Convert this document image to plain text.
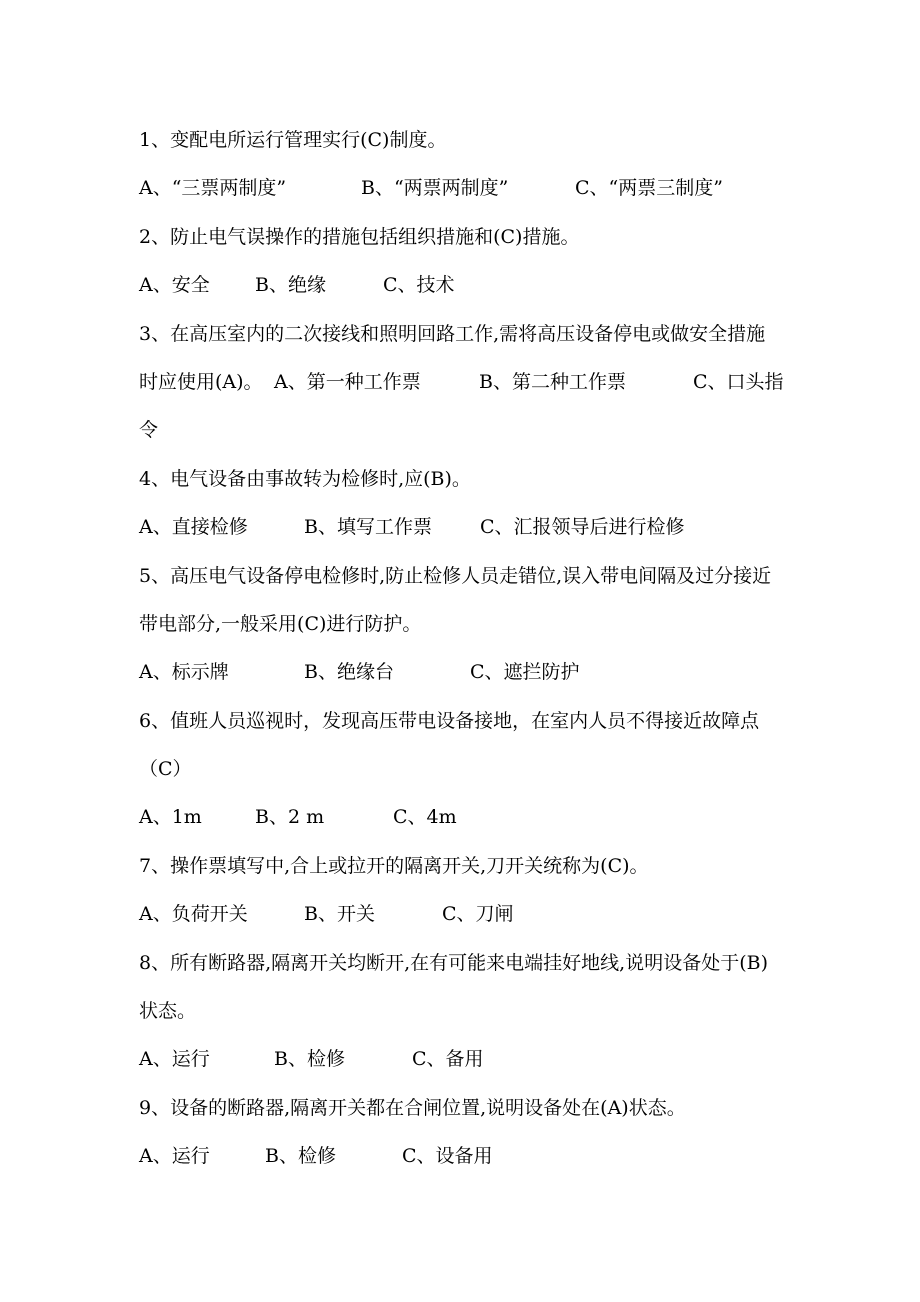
1、变配电所运行管理实行(C)制度。
A、“三票两制度”	B、“两票两制度”	C、“两票三制度”
2、防止电气误操作的措施包括组织措施和(C)措施。
A、安全	B、绝缘	C、技术
3、在高压室内的二次接线和照明回路工作,需将高压设备停电或做安全措施
时应使用(A)。 A、第一种工作票	B、第二种工作票	C、口头指
令
4、电气设备由事故转为检修时,应(B)。
A、直接检修	B、填写工作票	C、汇报领导后进行检修
5、高压电气设备停电检修时,防止检修人员走错位,误入带电间隔及过分接近
带电部分,一般采用(C)进行防护。
A、标示牌	B、绝缘台	C、遮拦防护
6、值班人员巡视时，发现高压带电设备接地，在室内人员不得接近故障点
（C）
A、1m	B、2 m	C、4m
7、操作票填写中,合上或拉开的隔离开关,刀开关统称为(C)。
A、负荷开关	B、开关	C、刀闸
8、所有断路器,隔离开关均断开,在有可能来电端挂好地线,说明设备处于(B)
状态。
A、运行	B、检修	C、备用
9、设备的断路器,隔离开关都在合闸位置,说明设备处在(A)状态。
A、运行	B、检修	C、设备用
